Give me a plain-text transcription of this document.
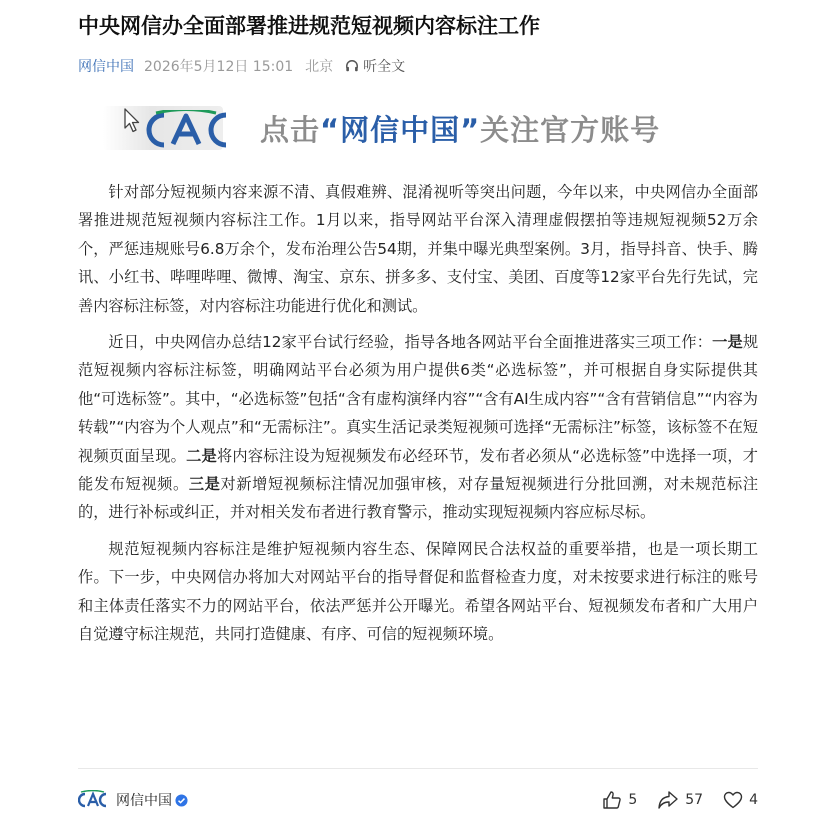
中央网信办全面部署推进规范短视频内容标注工作
网信中国 2026年5月12日 15:01 北京 听全文
CAC
点击“网信中国”关注官方账号

针对部分短视频内容来源不清、真假难辨、混淆视听等突出问题，今年以来，中央网信办全面部署推进规范短视频内容标注工作。1月以来，指导网站平台深入清理虚假摆拍等违规短视频52万余个，严惩违规账号6.8万余个，发布治理公告54期，并集中曝光典型案例。3月，指导抖音、快手、腾讯、小红书、哔哩哔哩、微博、淘宝、京东、拼多多、支付宝、美团、百度等12家平台先行先试，完善内容标注标签，对内容标注功能进行优化和测试。

近日，中央网信办总结12家平台试行经验，指导各地各网站平台全面推进落实三项工作：一是规范短视频内容标注标签，明确网站平台必须为用户提供6类“必选标签”，并可根据自身实际提供其他“可选标签”。其中，“必选标签”包括“含有虚构演绎内容”“含有AI生成内容”“含有营销信息”“内容为转载”“内容为个人观点”和“无需标注”。真实生活记录类短视频可选择“无需标注”标签，该标签不在短视频页面呈现。二是将内容标注设为短视频发布必经环节，发布者必须从“必选标签”中选择一项，才能发布短视频。三是对新增短视频标注情况加强审核，对存量短视频进行分批回溯，对未规范标注的，进行补标或纠正，并对相关发布者进行教育警示，推动实现短视频内容应标尽标。

规范短视频内容标注是维护短视频内容生态、保障网民合法权益的重要举措，也是一项长期工作。下一步，中央网信办将加大对网站平台的指导督促和监督检查力度，对未按要求进行标注的账号和主体责任落实不力的网站平台，依法严惩并公开曝光。希望各网站平台、短视频发布者和广大用户自觉遵守标注规范，共同打造健康、有序、可信的短视频环境。

CAC
网信中国	5	57	4
